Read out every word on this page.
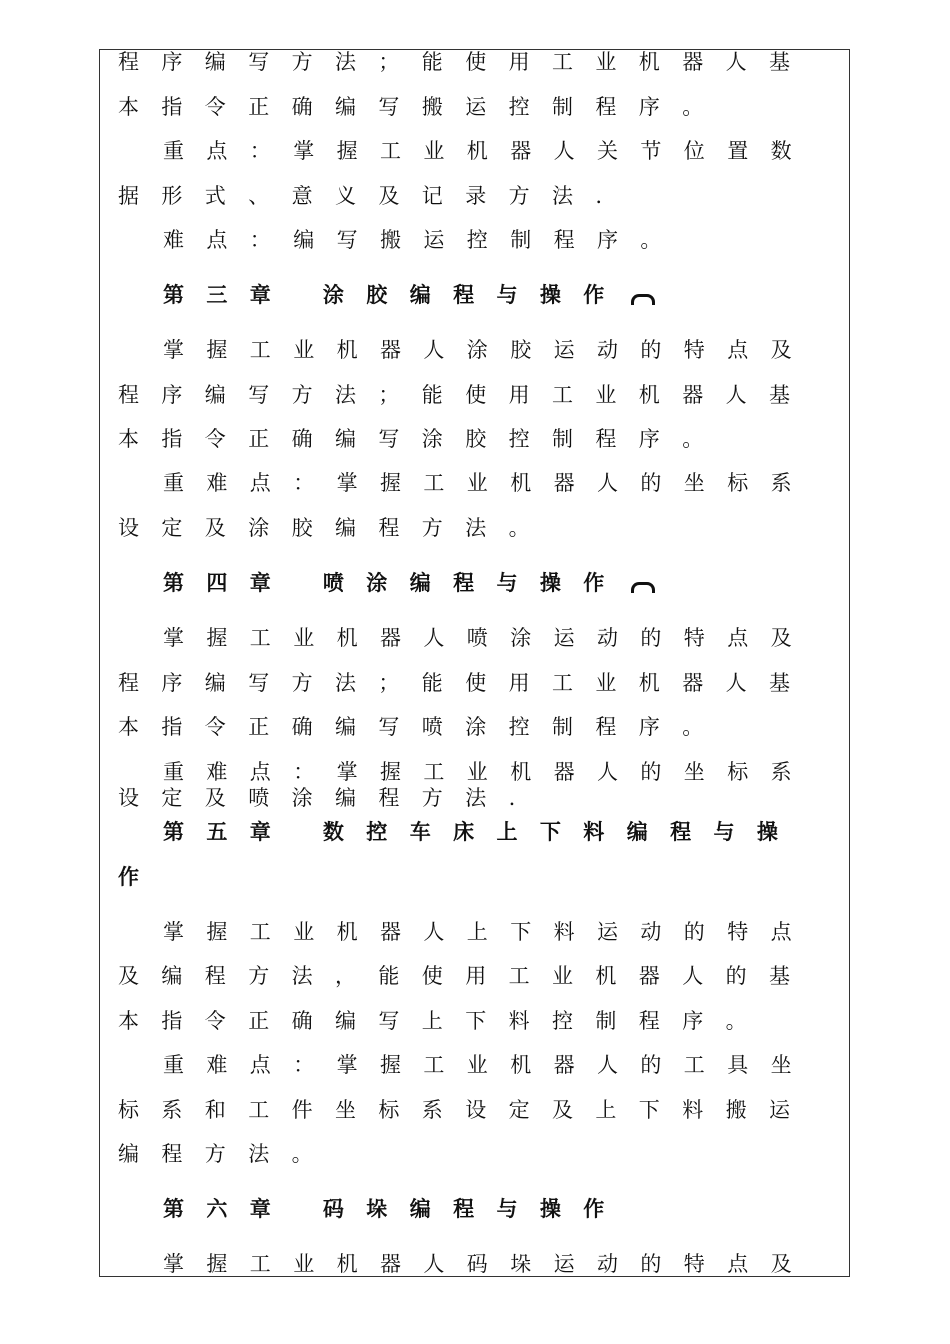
程序编写方法；能使用工业机器人基
本指令正确编写搬运控制程序。
重点：掌握工业机器人关节位置数
据形式、意义及记录方法.
难点：编写搬运控制程序。
第三章 涂胶编程与操作
掌握工业机器人涂胶运动的特点及
程序编写方法；能使用工业机器人基
本指令正确编写涂胶控制程序。
重难点：掌握工业机器人的坐标系
设定及涂胶编程方法。
第四章 喷涂编程与操作
掌握工业机器人喷涂运动的特点及
程序编写方法；能使用工业机器人基
本指令正确编写喷涂控制程序。
重难点：掌握工业机器人的坐标系
设定及喷涂编程方法.
第五章 数控车床上下料编程与操
作
掌握工业机器人上下料运动的特点
及编程方法，能使用工业机器人的基
本指令正确编写上下料控制程序。
重难点：掌握工业机器人的工具坐
标系和工件坐标系设定及上下料搬运
编程方法。
第六章 码垛编程与操作
掌握工业机器人码垛运动的特点及
